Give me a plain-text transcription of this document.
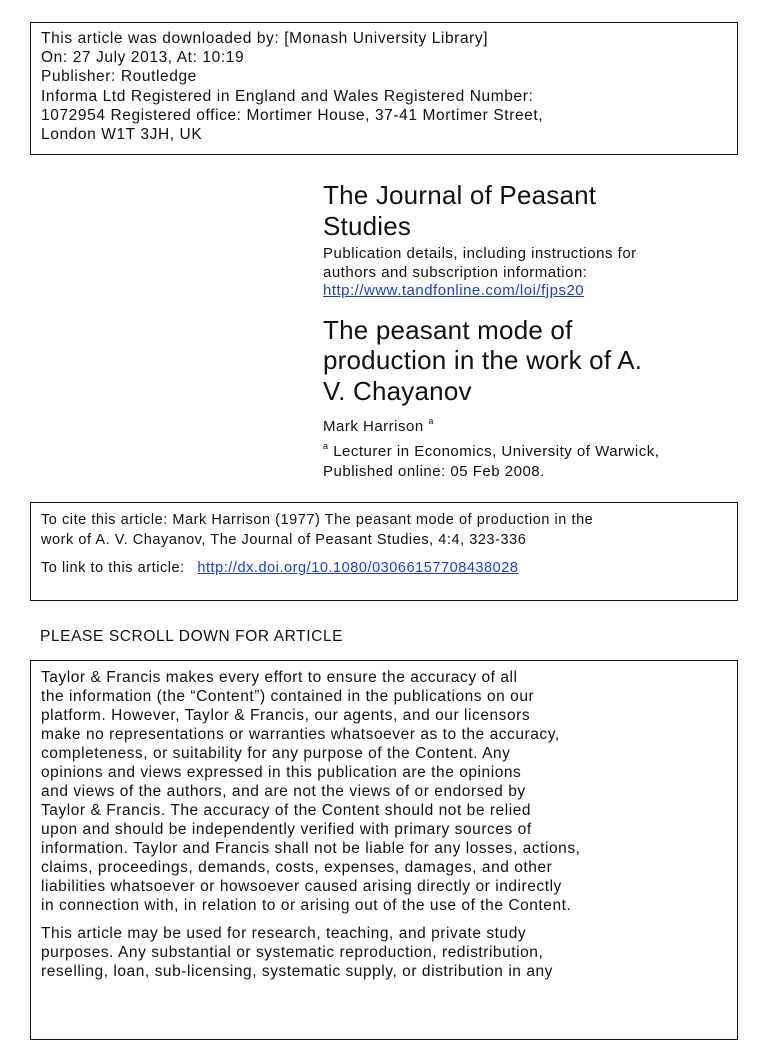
This article was downloaded by: [Monash University Library]
On: 27 July 2013, At: 10:19
Publisher: Routledge
Informa Ltd Registered in England and Wales Registered Number:
1072954 Registered office: Mortimer House, 37-41 Mortimer Street,
London W1T 3JH, UK
The Journal of Peasant
Studies
Publication details, including instructions for
authors and subscription information:
http://www.tandfonline.com/loi/fjps20
The peasant mode of
production in the work of A.
V. Chayanov
Mark Harrison $^a$
$^a$ Lecturer in Economics, University of Warwick,
Published online: 05 Feb 2008.
To cite this article: Mark Harrison (1977) The peasant mode of production in the
work of A. V. Chayanov, The Journal of Peasant Studies, 4:4, 323-336
To link to this article: http://dx.doi.org/10.1080/03066157708438028
PLEASE SCROLL DOWN FOR ARTICLE

Taylor & Francis makes every effort to ensure the accuracy of all
the information (the “Content”) contained in the publications on our
platform. However, Taylor & Francis, our agents, and our licensors
make no representations or warranties whatsoever as to the accuracy,
completeness, or suitability for any purpose of the Content. Any
opinions and views expressed in this publication are the opinions
and views of the authors, and are not the views of or endorsed by
Taylor & Francis. The accuracy of the Content should not be relied
upon and should be independently verified with primary sources of
information. Taylor and Francis shall not be liable for any losses, actions,
claims, proceedings, demands, costs, expenses, damages, and other
liabilities whatsoever or howsoever caused arising directly or indirectly
in connection with, in relation to or arising out of the use of the Content.

This article may be used for research, teaching, and private study
purposes. Any substantial or systematic reproduction, redistribution,
reselling, loan, sub-licensing, systematic supply, or distribution in any
